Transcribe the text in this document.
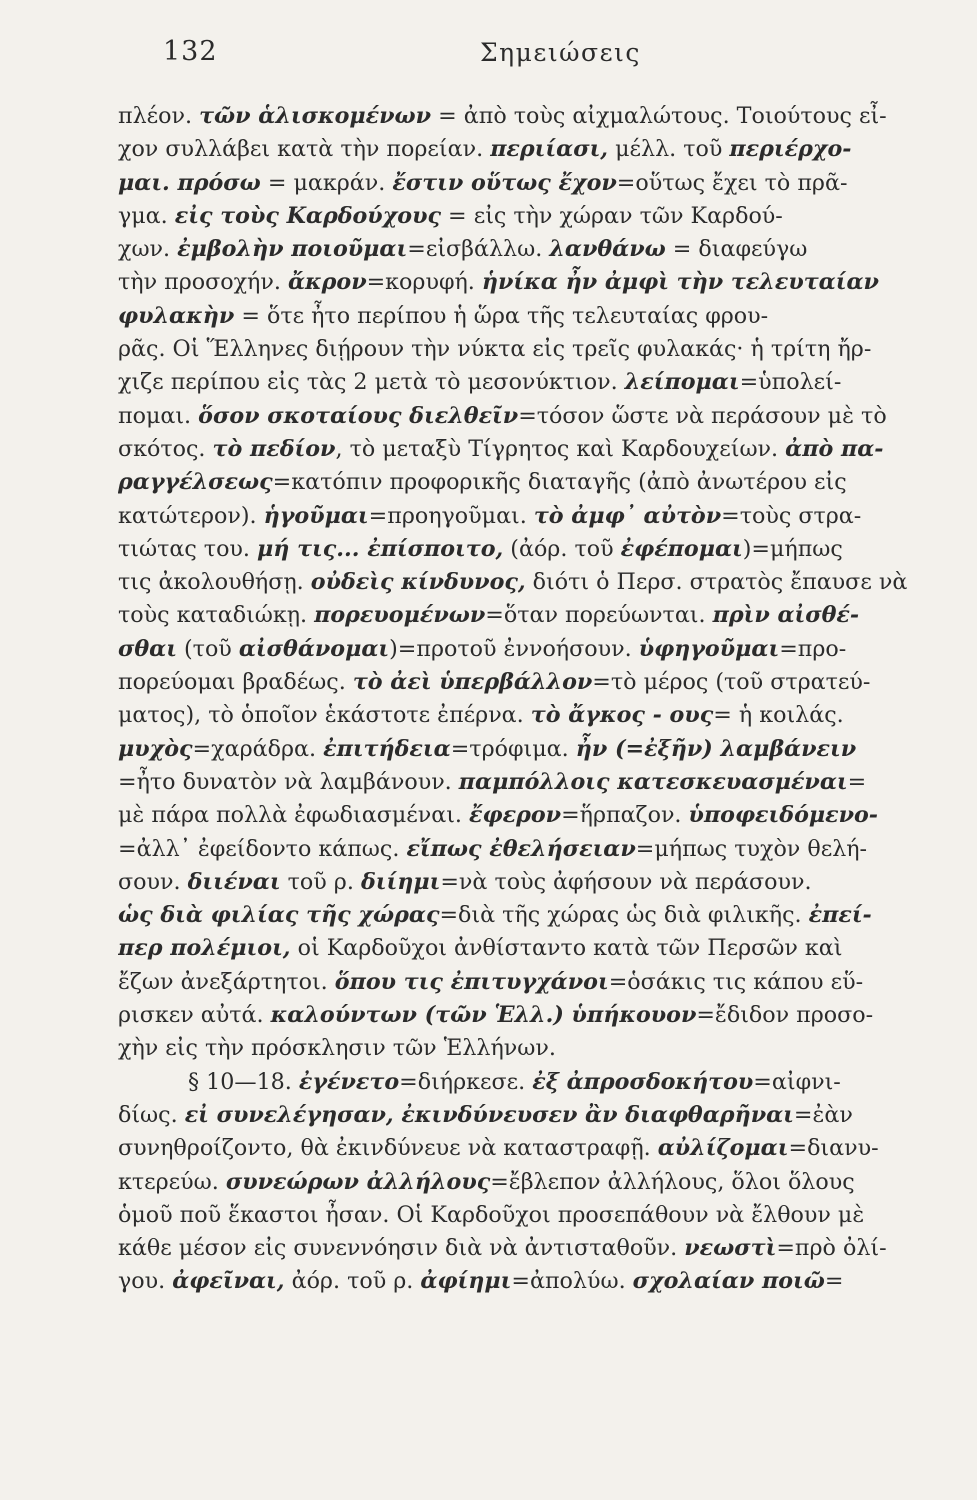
132	Σημειώσεις
πλέον. τῶν ἁλισκομένων = ἀπὸ τοὺς αἰχμαλώτους. Τοιούτους εἶ-
χον συλλάβει κατὰ τὴν πορείαν. περιίασι, μέλλ. τοῦ περιέρχο-
μαι. πρόσω = μακράν. ἔστιν οὕτως ἔχον=οὕτως ἔχει τὸ πρᾶ-
γμα. εἰς τοὺς Καρδούχους = εἰς τὴν χώραν τῶν Καρδού-
χων. ἐμβολὴν ποιοῦμαι=εἰσβάλλω. λανθάνω = διαφεύγω
τὴν προσοχήν. ἄκρον=κορυφή. ἡνίκα ἦν ἀμφὶ τὴν τελευταίαν
φυλακὴν = ὅτε ἦτο περίπου ἡ ὥρα τῆς τελευταίας φρου-
ρᾶς. Οἱ Ἕλληνες διῄρουν τὴν νύκτα εἰς τρεῖς φυλακάς· ἡ τρίτη ἤρ-
χιζε περίπου εἰς τὰς 2 μετὰ τὸ μεσονύκτιον. λείπομαι=ὑπολεί-
πομαι. ὅσον σκοταίους διελθεῖν=τόσον ὥστε νὰ περάσουν μὲ τὸ
σκότος. τὸ πεδίον, τὸ μεταξὺ Τίγρητος καὶ Καρδουχείων. ἀπὸ πα-
ραγγέλσεως=κατόπιν προφορικῆς διαταγῆς (ἀπὸ ἀνωτέρου εἰς
κατώτερον). ἡγοῦμαι=προηγοῦμαι. τὸ ἀμφ᾽ αὐτὸν=τοὺς στρα-
τιώτας του. μή τις... ἐπίσποιτο, (ἀόρ. τοῦ ἐφέπομαι)=μήπως
τις ἀκολουθήσῃ. οὐδεὶς κίνδυνος, διότι ὁ Περσ. στρατὸς ἔπαυσε νὰ
τοὺς καταδιώκῃ. πορευομένων=ὅταν πορεύωνται. πρὶν αἰσθέ-
σθαι (τοῦ αἰσθάνομαι)=προτοῦ ἐννοήσουν. ὑφηγοῦμαι=προ-
πορεύομαι βραδέως. τὸ ἀεὶ ὑπερβάλλον=τὸ μέρος (τοῦ στρατεύ-
ματος), τὸ ὁποῖον ἑκάστοτε ἐπέρνα. τὸ ἄγκος - ους= ἡ κοιλάς.
μυχὸς=χαράδρα. ἐπιτήδεια=τρόφιμα. ἦν (=ἐξῆν) λαμβάνειν
=ἦτο δυνατὸν νὰ λαμβάνουν. παμπόλλοις κατεσκευασμέναι=
μὲ πάρα πολλὰ ἐφωδιασμέναι. ἔφερον=ἥρπαζον. ὑποφειδόμενο-
=ἀλλ᾽ ἐφείδοντο κάπως. εἴπως ἐθελήσειαν=μήπως τυχὸν θελή-
σουν. διιέναι τοῦ ρ. διίημι=νὰ τοὺς ἀφήσουν νὰ περάσουν.
ὡς διὰ φιλίας τῆς χώρας=διὰ τῆς χώρας ὡς διὰ φιλικῆς. ἐπεί-
περ πολέμιοι, οἱ Καρδοῦχοι ἀνθίσταντο κατὰ τῶν Περσῶν καὶ
ἔζων ἀνεξάρτητοι. ὅπου τις ἐπιτυγχάνοι=ὁσάκις τις κάπου εὕ-
ρισκεν αὐτά. καλούντων (τῶν Ἑλλ.) ὑπήκουον=ἔδιδον προσο-
χὴν εἰς τὴν πρόσκλησιν τῶν Ἑλλήνων.
§ 10—18. ἐγένετο=διήρκεσε. ἐξ ἀπροσδοκήτου=αἰφνι-
δίως. εἰ συνελέγησαν, ἐκινδύνευσεν ἂν διαφθαρῆναι=ἐὰν
συνηθροίζοντο, θὰ ἐκινδύνευε νὰ καταστραφῇ. αὐλίζομαι=διανυ-
κτερεύω. συνεώρων ἀλλήλους=ἔβλεπον ἀλλήλους, ὅλοι ὅλους
ὁμοῦ ποῦ ἕκαστοι ἦσαν. Οἱ Καρδοῦχοι προσεπάθουν νὰ ἔλθουν μὲ
κάθε μέσον εἰς συνεννόησιν διὰ νὰ ἀντισταθοῦν. νεωστὶ=πρὸ ὀλί-
γου. ἀφεῖναι, ἀόρ. τοῦ ρ. ἀφίημι=ἀπολύω. σχολαίαν ποιῶ=
